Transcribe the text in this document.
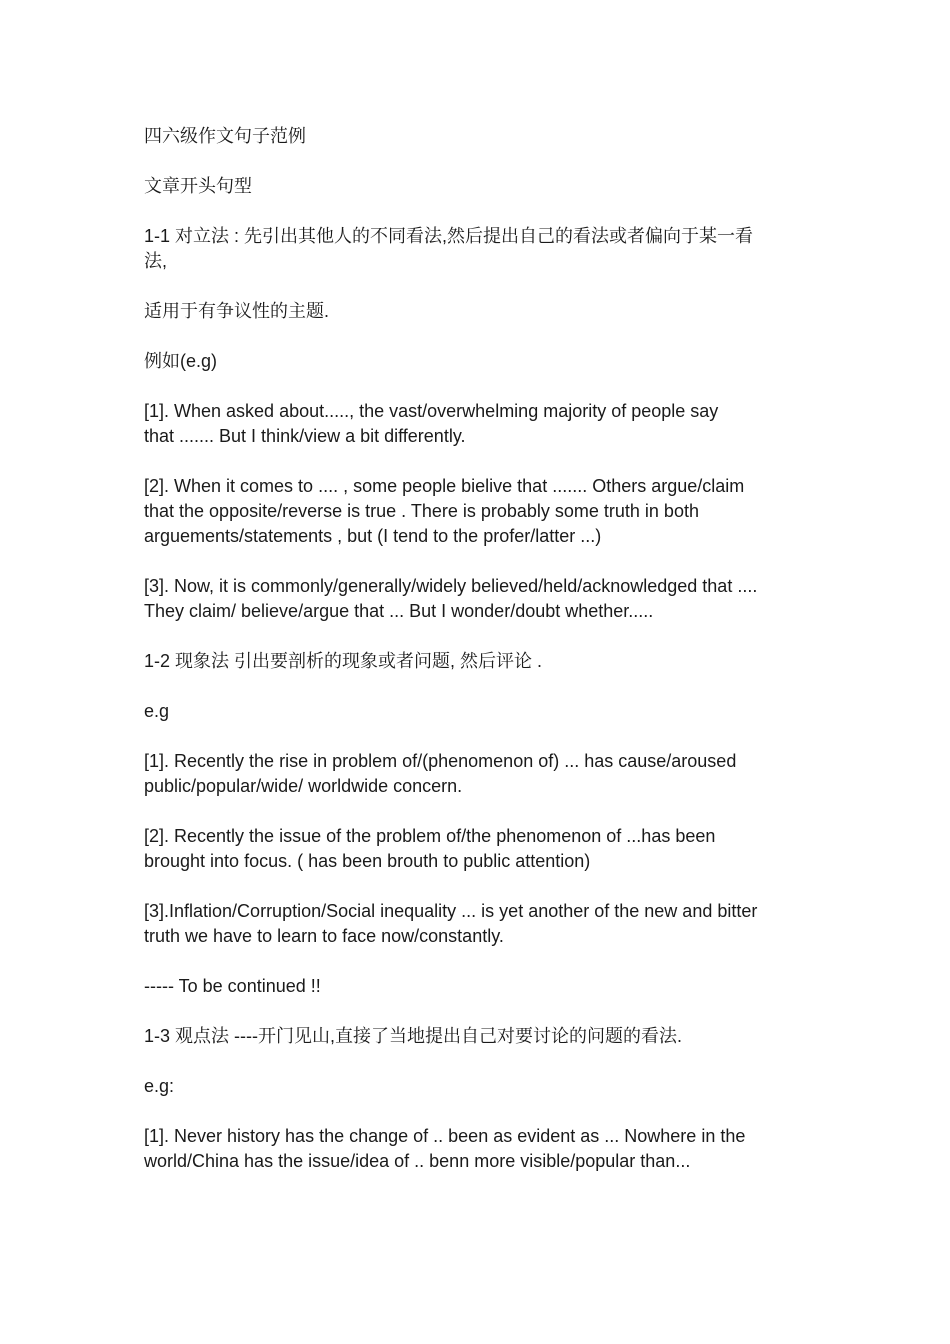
四六级作文句子范例

文章开头句型

1-1 对立法 : 先引出其他人的不同看法,然后提出自己的看法或者偏向于某一看
法,

适用于有争议性的主题.

例如(e.g)

[1]. When asked about....., the vast/overwhelming majority of people say
that ....... But I think/view a bit differently.

[2]. When it comes to .... , some people bielive that ....... Others argue/claim
that the opposite/reverse is true . There is probably some truth in both
arguements/statements , but (I tend to the profer/latter ...)

[3]. Now, it is commonly/generally/widely believed/held/acknowledged that ....
They claim/ believe/argue that ... But I wonder/doubt whether.....

1-2 现象法 引出要剖析的现象或者问题, 然后评论 .

e.g

[1]. Recently the rise in problem of/(phenomenon of) ... has cause/aroused
public/popular/wide/ worldwide concern.

[2]. Recently the issue of the problem of/the phenomenon of ...has been
brought into focus. ( has been brouth to public attention)

[3].Inflation/Corruption/Social inequality ... is yet another of the new and bitter
truth we have to learn to face now/constantly.

----- To be continued !!

1-3 观点法 ----开门见山,直接了当地提出自己对要讨论的问题的看法.

e.g:

[1]. Never history has the change of .. been as evident as ... Nowhere in the
world/China has the issue/idea of .. benn more visible/popular than...
